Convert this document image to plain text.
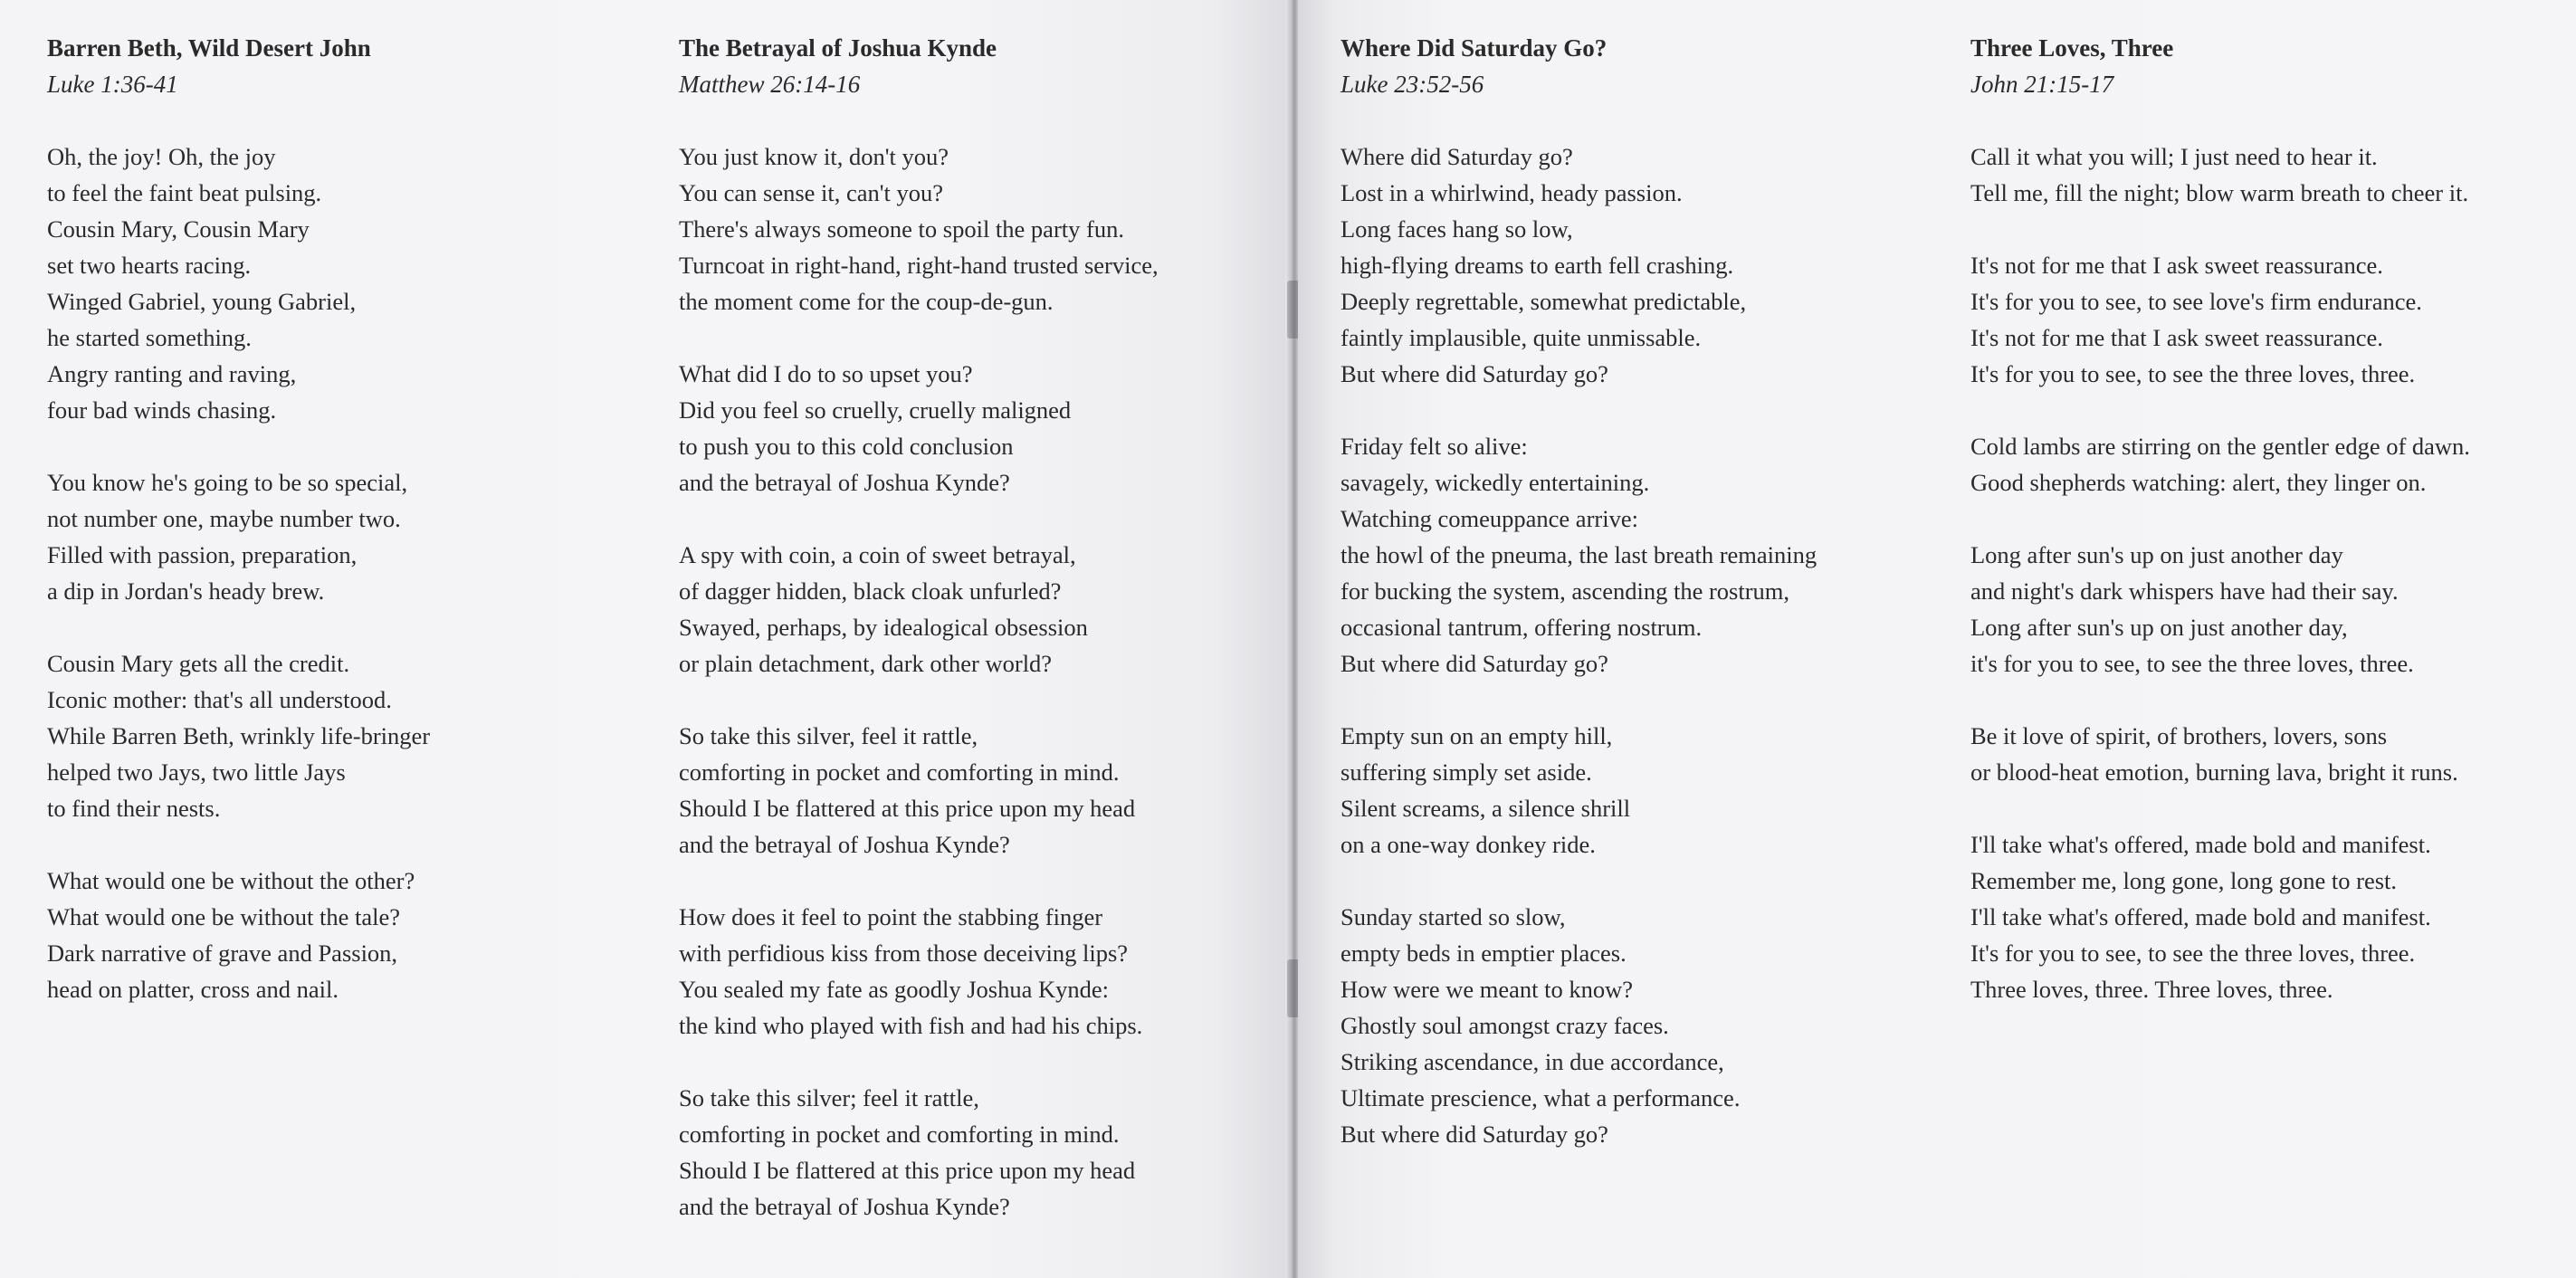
Barren Beth, Wild Desert John
Luke 1:36-41
Oh, the joy! Oh, the joy
to feel the faint beat pulsing.
Cousin Mary, Cousin Mary
set two hearts racing.
Winged Gabriel, young Gabriel,
he started something.
Angry ranting and raving,
four bad winds chasing.
You know he's going to be so special,
not number one, maybe number two.
Filled with passion, preparation,
a dip in Jordan's heady brew.
Cousin Mary gets all the credit.
Iconic mother: that's all understood.
While Barren Beth, wrinkly life-bringer
helped two Jays, two little Jays
to find their nests.
What would one be without the other?
What would one be without the tale?
Dark narrative of grave and Passion,
head on platter, cross and nail.
The Betrayal of Joshua Kynde
Matthew 26:14-16
You just know it, don't you?
You can sense it, can't you?
There's always someone to spoil the party fun.
Turncoat in right-hand, right-hand trusted service,
the moment come for the coup-de-gun.
What did I do to so upset you?
Did you feel so cruelly, cruelly maligned
to push you to this cold conclusion
and the betrayal of Joshua Kynde?
A spy with coin, a coin of sweet betrayal,
of dagger hidden, black cloak unfurled?
Swayed, perhaps, by idealogical obsession
or plain detachment, dark other world?
So take this silver, feel it rattle,
comforting in pocket and comforting in mind.
Should I be flattered at this price upon my head
and the betrayal of Joshua Kynde?
How does it feel to point the stabbing finger
with perfidious kiss from those deceiving lips?
You sealed my fate as goodly Joshua Kynde:
the kind who played with fish and had his chips.
So take this silver; feel it rattle,
comforting in pocket and comforting in mind.
Should I be flattered at this price upon my head
and the betrayal of Joshua Kynde?
Where Did Saturday Go?
Luke 23:52-56
Where did Saturday go?
Lost in a whirlwind, heady passion.
Long faces hang so low,
high-flying dreams to earth fell crashing.
Deeply regrettable, somewhat predictable,
faintly implausible, quite unmissable.
But where did Saturday go?
Friday felt so alive:
savagely, wickedly entertaining.
Watching comeuppance arrive:
the howl of the pneuma, the last breath remaining
for bucking the system, ascending the rostrum,
occasional tantrum, offering nostrum.
But where did Saturday go?
Empty sun on an empty hill,
suffering simply set aside.
Silent screams, a silence shrill
on a one-way donkey ride.
Sunday started so slow,
empty beds in emptier places.
How were we meant to know?
Ghostly soul amongst crazy faces.
Striking ascendance, in due accordance,
Ultimate prescience, what a performance.
But where did Saturday go?
Three Loves, Three
John 21:15-17
Call it what you will; I just need to hear it.
Tell me, fill the night; blow warm breath to cheer it.
It's not for me that I ask sweet reassurance.
It's for you to see, to see love's firm endurance.
It's not for me that I ask sweet reassurance.
It's for you to see, to see the three loves, three.
Cold lambs are stirring on the gentler edge of dawn.
Good shepherds watching: alert, they linger on.
Long after sun's up on just another day
and night's dark whispers have had their say.
Long after sun's up on just another day,
it's for you to see, to see the three loves, three.
Be it love of spirit, of brothers, lovers, sons
or blood-heat emotion, burning lava, bright it runs.
I'll take what's offered, made bold and manifest.
Remember me, long gone, long gone to rest.
I'll take what's offered, made bold and manifest.
It's for you to see, to see the three loves, three.
Three loves, three. Three loves, three.
